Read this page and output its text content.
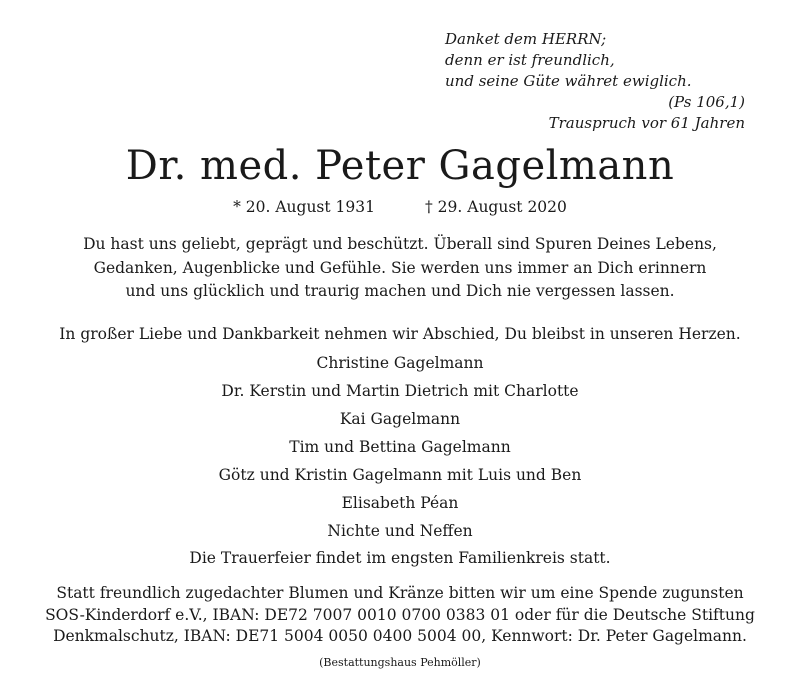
Danket dem HERRN;
denn er ist freundlich,
und seine Güte währet ewiglich.
(Ps 106,1)
Trauspruch vor 61 Jahren
Dr. med. Peter Gagelmann
* 20. August 1931	† 29. August 2020
Du hast uns geliebt, geprägt und beschützt. Überall sind Spuren Deines Lebens,
Gedanken, Augenblicke und Gefühle. Sie werden uns immer an Dich erinnern
und uns glücklich und traurig machen und Dich nie vergessen lassen.
In großer Liebe und Dankbarkeit nehmen wir Abschied, Du bleibst in unseren Herzen.
Christine Gagelmann
Dr. Kerstin und Martin Dietrich mit Charlotte
Kai Gagelmann
Tim und Bettina Gagelmann
Götz und Kristin Gagelmann mit Luis und Ben
Elisabeth Péan
Nichte und Neffen
Die Trauerfeier findet im engsten Familienkreis statt.
Statt freundlich zugedachter Blumen und Kränze bitten wir um eine Spende zugunsten
SOS-Kinderdorf e.V., IBAN: DE72 7007 0010 0700 0383 01 oder für die Deutsche Stiftung
Denkmalschutz, IBAN: DE71 5004 0050 0400 5004 00, Kennwort: Dr. Peter Gagelmann.
(Bestattungshaus Pehmöller)
